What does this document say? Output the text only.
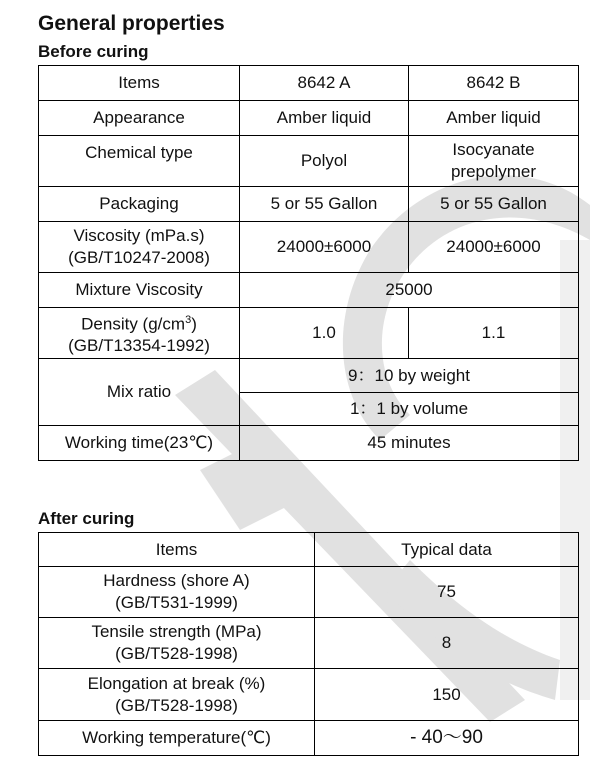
General properties
Before curing
Items	8642 A	8642 B
Appearance	Amber liquid	Amber liquid
Chemical type	Polyol	Isocyanate
prepolymer

Packaging	5 or 55 Gallon	5 or 55 Gallon

Viscosity (mPa.s)
(GB/T10247-2008)	24000±6000	24000±6000
Mixture Viscosity	25000	

Density $(g/cm^3)$
(GB/T13354-1992)	1.0	1.1
Mix ratio	9：10 by weight	
	1：1 by volume	
Working time(23℃)	45 minutes	
After curing
Items	Typical data

Hardness (shore A)
(GB/T531-1999)	75

Tensile strength (MPa)
(GB/T528-1998)	8

Elongation at break (%)
(GB/T528-1998)	150
Working temperature(℃)	- 40～90
